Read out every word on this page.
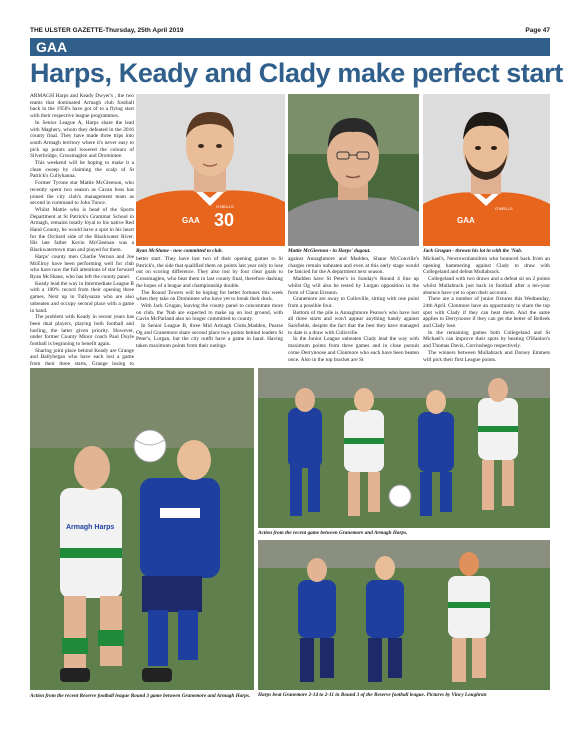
THE ULSTER GAZETTE-Thursday, 25th April 2019	Page 47
GAA
Harps, Keady and Clady make perfect start

ARMAGH Harps and Keady Dwyer's , the two teams that dominated Armagh club football back in the 1950's have got of to a flying start with their respective league programmes.

In Senior League A, Harps share the lead with Maghery, whom they defeated in the 2016 county final. They have made three trips into south Armagh territory where it's never easy to pick up points and lowered the colours of Silverbridge, Crossmaglen and Dromintee.

This weekend will be hoping to make it a clean sweep by claiming the scalp of St Patrick's Cullyhanna.

Former Tyrone star Mattie McGleenon, who recently spent two season as Cavan boss has joined the city club's management team as second in command to John Tunce.

Whilst Mattie who is head of the Sports Department at St Patrick's Grammar School in Armagh, remains totally loyal to his native Red Hand County, he would have a spot in his heart for the Orchard side of the Blackwater River. His late father Kevin McGleenan was a Blackwatertown man and played for them.

Harps' county men Charlie Vernon and Joe McElroy have been performing well for club who have now the full attentions of star forward Ryan McShane, who has left the county panel.

Keady lead the way in Intermediate League B with a 100% record from their opening three games. Next up in Tullysaran who are also unbeaten and occupy second place with a game in hand.

The problem with Keady in recent years has been dual players, playing both football and hurling, the latter given priority. However, under former County Minor coach Paul Doyle football is beginning to benefit again.

Sharing joint place behind Keady are Grange and Ballyhegan who have each lost a game from their three starts, Grange losing to

GAA 30
O'NEILLS
Ryan McShane - now committed to club.	Mattie McGleenon - in Harps' dugout.
GAA
O'NEILLS
Jack Grugan - thrown his lot in with the 'Nab.

better start. They have lost two of their opening games to St Patrick's, the side that qualified them on points last year only to lose out on scoring difference. They also lost by four clear goals to Crossmaglen, who beat them in last county final, therefore dashing the hopes of a league and championship double.

The Round Towers will be hoping for better fortunes this week when they take on Dromintee who have yet to break their duck.

With Jack Grugan, leaving the county panel to concentrate more on club, the 'Nab are expected to make up on lost ground, with Gavin McParland also no longer committed to county.

In Senior League B, three Mid Armagh Clubs,Madden, Pearse Og and Granemore share second place two points behind leaders St Peter's, Lurgan, but the city outfit have a game in hand. Having taken maximum points from their outings

against Annaghmore and Madden, Shane McConville's charges remain unbeaten and even at this early stage would be fancied for the A department next season.

Madden have St Peter's in Sunday's Round 4 line up whilst Og will also be tested by Lurgan opposition in the form of Clann Eireann.

Granemore are away to Culloville, sitting with one point from a possible four.

Bottom of the pile is Annaghmore Pearse's who have lost all three starts and won't appear anything handy against Sarsfields, despite the fact that the best they have managed to date is a draw with Culloville.

In the Junior League unbeaten Clady lead the way with maximum points from three games and in close pursuit come Derrynoose and Clonmore who each have been beaten once. Also in the top bracket are St

Michael's, Newtownhamilton who bounced back from an opening hammering against Clady to draw with Collegeland and defeat Mullabrack.

Collegeland with two draws and a defeat sit on 2 points whilst Mullabrack just back in football after a ten-year absence have yet to open their account.

There are a number of junior fixtures this Wednesday, 24th April. Clonmore have an opportunity to share the top spot with Clady if they can beat them. And the same applies to Derrynoose if they can get the better of Belleek and Clady lose.

In the remaining games both Collegeland and St Michael's can improve their spots by beating O'Hanlon's and Thomas Davis, Corrinshego respectively.

The winners between Mullabrack and Dorsey Emmets will pick their first League points.

Armagh Harps
Action from the recent Reserve football league Round 3 game between Granemore and Armagh Harps.
Action from the recent game between Granemore and Armagh Harps.
Harps beat Granemore 2-14 to 2-11 in Round 3 of the Reserve football league. Pictures by Vincy Loughran
